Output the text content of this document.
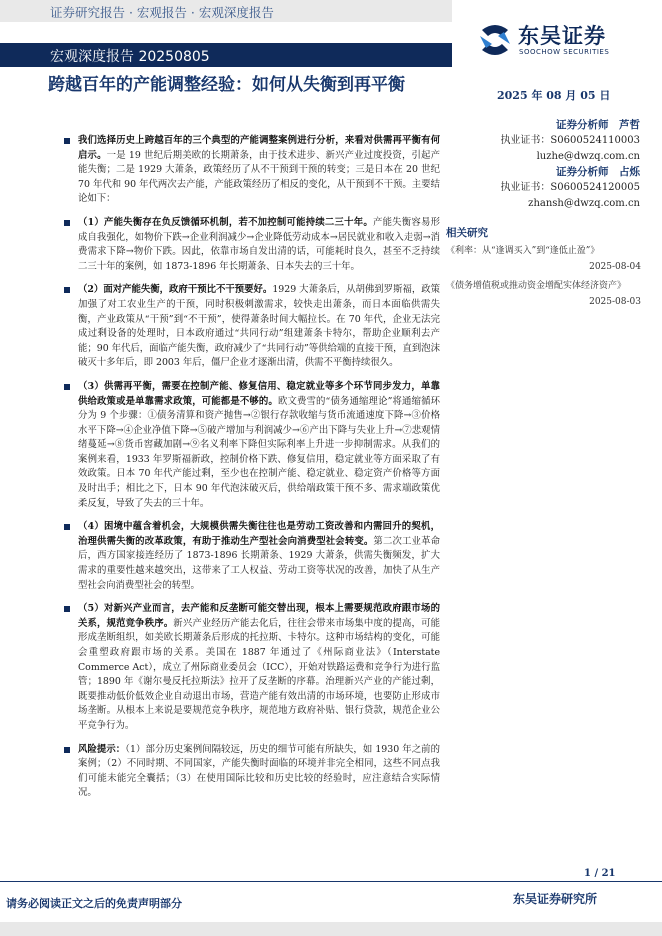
证券研究报告 · 宏观报告 · 宏观深度报告
宏观深度报告 20250805
东吴证券
SOOCHOW SECURITIES
跨越百年的产能调整经验：如何从失衡到再平衡
2025 年 08 月 05 日
证券分析师　芦哲
执业证书：S0600524110003
luzhe@dwzq.com.cn
证券分析师　占烁
执业证书：S0600524120005
zhansh@dwzq.com.cn
相关研究
《利率：从“逢调买入”到“逢低止盈”》
2025-08-04
《债务增值税或推动资金增配实体经济资产》
2025-08-03
我们选择历史上跨越百年的三个典型的产能调整案例进行分析，来看对供需再平衡有何启示。一是 19 世纪后期美欧的长期萧条，由于技术进步、新兴产业过度投资，引起产能失衡；二是 1929 大萧条，政策经历了从不干预到干预的转变；三是日本在 20 世纪 70 年代和 90 年代两次去产能，产能政策经历了相反的变化，从干预到不干预。主要结论如下：
（1）产能失衡存在负反馈循环机制，若不加控制可能持续二三十年。产能失衡容易形成自我强化，如物价下跌→企业利润减少→企业降低劳动成本→居民就业和收入走弱→消费需求下降→物价下跌。因此，依靠市场自发出清的话，可能耗时良久，甚至不乏持续二三十年的案例，如 1873-1896 年长期萧条、日本失去的三十年。
（2）面对产能失衡，政府干预比不干预要好。1929 大萧条后，从胡佛到罗斯福，政策加强了对工农业生产的干预，同时积极刺激需求，较快走出萧条，而日本面临供需失衡，产业政策从“干预”到“不干预”，使得萧条时间大幅拉长。在 70 年代，企业无法完成过剩设备的处理时，日本政府通过“共同行动”组建萧条卡特尔，帮助企业顺利去产能；90 年代后，面临产能失衡，政府减少了“共同行动”等供给端的直接干预，直到泡沫破灭十多年后，即 2003 年后，僵尸企业才逐渐出清，供需不平衡持续很久。
（3）供需再平衡，需要在控制产能、修复信用、稳定就业等多个环节同步发力，单靠供给政策或是单靠需求政策，可能都是不够的。欧文费雪的“债务通缩理论”将通缩循环分为 9 个步骤：①债务清算和资产抛售→②银行存款收缩与货币流通速度下降→③价格水平下降→④企业净值下降→⑤破产增加与利润减少→⑥产出下降与失业上升→⑦悲观情绪蔓延→⑧货币窖藏加剧→⑨名义利率下降但实际利率上升进一步抑制需求。从我们的案例来看，1933 年罗斯福新政，控制价格下跌、修复信用，稳定就业等方面采取了有效政策。日本 70 年代产能过剩，至少也在控制产能、稳定就业、稳定资产价格等方面及时出手；相比之下，日本 90 年代泡沫破灭后，供给端政策干预不多、需求端政策优柔反复，导致了失去的三十年。
（4）困境中蕴含着机会，大规模供需失衡往往也是劳动工资改善和内需回升的契机，治理供需失衡的改革政策，有助于推动生产型社会向消费型社会转变。第二次工业革命后，西方国家接连经历了 1873-1896 长期萧条、1929 大萧条，供需失衡频发，扩大需求的重要性越来越突出，这带来了工人权益、劳动工资等状况的改善，加快了从生产型社会向消费型社会的转型。
（5）对新兴产业而言，去产能和反垄断可能交替出现，根本上需要规范政府跟市场的关系，规范竞争秩序。新兴产业经历产能去化后，往往会带来市场集中度的提高，可能形成垄断组织，如美欧长期萧条后形成的托拉斯、卡特尔。这种市场结构的变化，可能会重塑政府跟市场的关系。美国在 1887 年通过了《州际商业法》（Interstate Commerce Act），成立了州际商业委员会（ICC），开始对铁路运费和竞争行为进行监管；1890 年《谢尔曼反托拉斯法》拉开了反垄断的序幕。治理新兴产业的产能过剩，既要推动低价低效企业自动退出市场，营造产能有效出清的市场环境，也要防止形成市场垄断。从根本上来说是要规范竞争秩序，规范地方政府补贴、银行贷款，规范企业公平竞争行为。
风险提示：（1）部分历史案例间隔较远，历史的细节可能有所缺失，如 1930 年之前的案例；（2）不同时期、不同国家，产能失衡时面临的环境并非完全相同，这些不同点我们可能未能完全囊括；（3）在使用国际比较和历史比较的经验时，应注意结合实际情况。
1 / 21
请务必阅读正文之后的免责声明部分	东吴证券研究所
